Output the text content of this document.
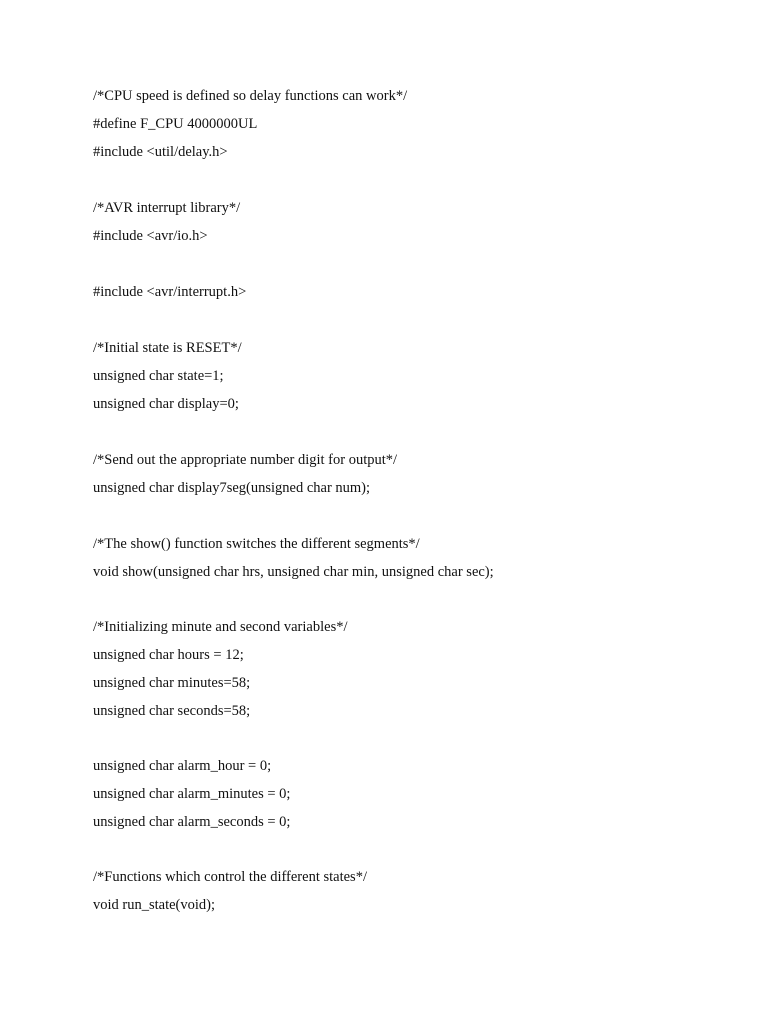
/*CPU speed is defined so delay functions can work*/

#define F_CPU 4000000UL

#include <util/delay.h>

/*AVR interrupt library*/

#include <avr/io.h>

#include <avr/interrupt.h>

/*Initial state is RESET*/

unsigned char state=1;

unsigned char display=0;

/*Send out the appropriate number digit for output*/

unsigned char display7seg(unsigned char num);

/*The show() function switches the different segments*/

void show(unsigned char hrs, unsigned char min, unsigned char sec);

/*Initializing minute and second variables*/

unsigned char hours = 12;

unsigned char minutes=58;

unsigned char seconds=58;

unsigned char alarm_hour = 0;

unsigned char alarm_minutes = 0;

unsigned char alarm_seconds = 0;

/*Functions which control the different states*/

void run_state(void);
